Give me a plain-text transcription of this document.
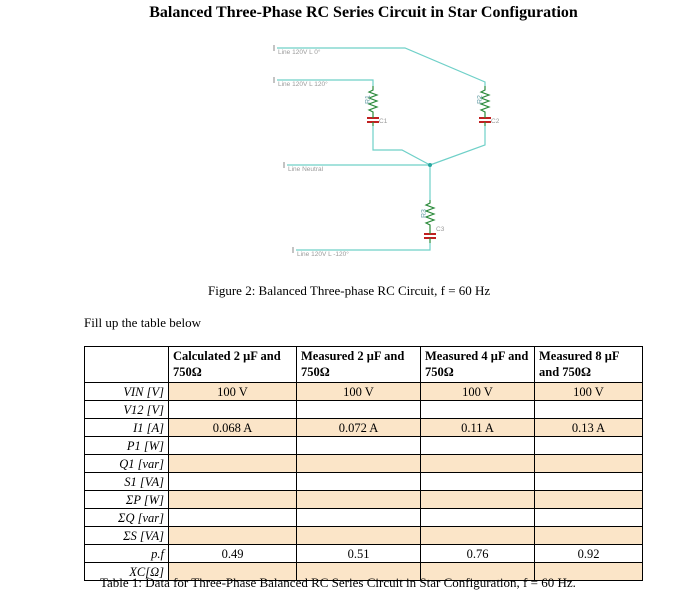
Balanced Three-Phase RC Series Circuit in Star Configuration
Line 120V L 0°
Line 120V L 120°
Line Neutral
Line 120V L -120°
R1	R2
R3
C1	C2
C3
Figure 2: Balanced Three-phase RC Circuit, f = 60 Hz
Fill up the table below
	Calculated 2 μF and 750Ω	Measured 2 μF and 750Ω	Measured 4 μF and 750Ω	Measured 8 μF and 750Ω
VIN [V]	100 V	100 V	100 V	100 V
V12 [V]				
I1 [A]	0.068 A	0.072 A	0.11 A	0.13 A
P1 [W]				
Q1 [var]				
S1 [VA]				
ΣP [W]				
ΣQ [var]				
ΣS [VA]				
p.f	0.49	0.51	0.76	0.92
XC[Ω]				
Table 1: Data for Three-Phase Balanced RC Series Circuit in Star Configuration, f = 60 Hz.
